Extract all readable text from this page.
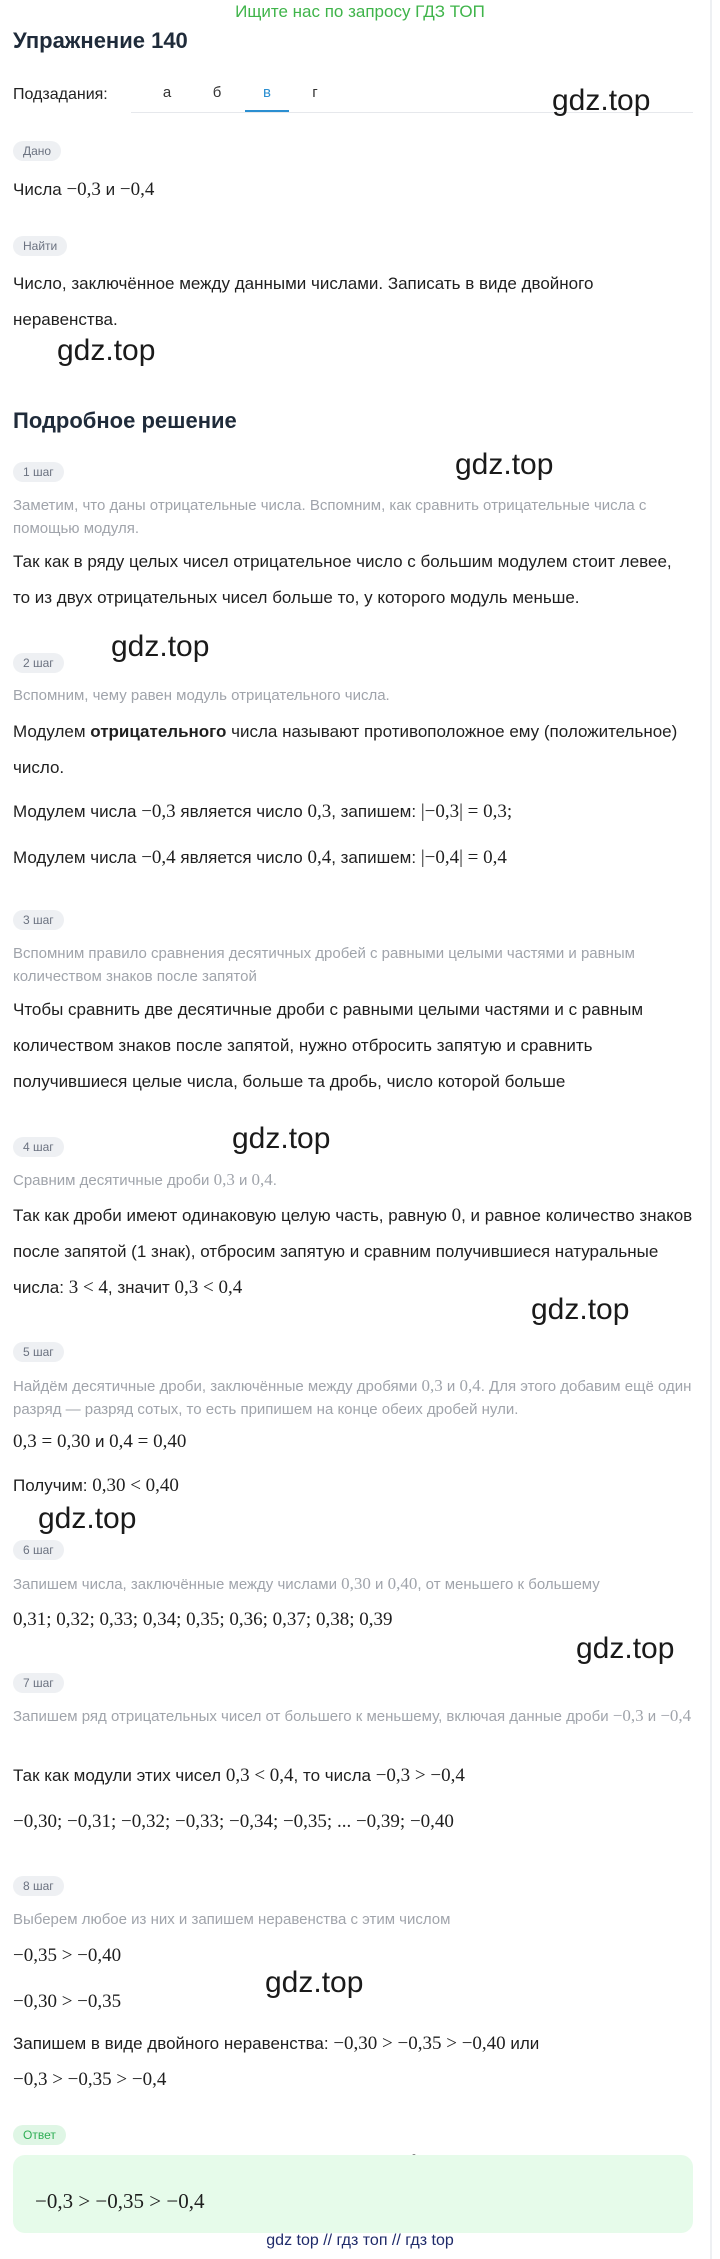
Ищите нас по запросу ГДЗ ТОП
Упражнение 140
Подзадания:	а	б	в	г	gdz.top
gdz.top
gdz.top
gdz.top
gdz.top
gdz.top
gdz.top
gdz.top
gdz.top
Дано
Числа −0,3 и −0,4
Найти
Число, заключённое между данными числами. Записать в виде двойного неравенства.
Подробное решение
1 шаг
Заметим, что даны отрицательные числа. Вспомним, как сравнить отрицательные числа с помощью модуля.
Так как в ряду целых чисел отрицательное число с большим модулем стоит левее, то из двух отрицательных чисел больше то, у которого модуль меньше.
2 шаг
Вспомним, чему равен модуль отрицательного числа.
Модулем отрицательного числа называют противоположное ему (положительное) число.
Модулем числа −0,3 является число 0,3, запишем: |−0,3| = 0,3;
Модулем числа −0,4 является число 0,4, запишем: |−0,4| = 0,4
3 шаг
Вспомним правило сравнения десятичных дробей с равными целыми частями и равным количеством знаков после запятой
Чтобы сравнить две десятичные дроби с равными целыми частями и с равным количеством знаков после запятой, нужно отбросить запятую и сравнить получившиеся целые числа, больше та дробь, число которой больше
4 шаг
Сравним десятичные дроби 0,3 и 0,4.
Так как дроби имеют одинаковую целую часть, равную 0, и равное количество знаков после запятой (1 знак), отбросим запятую и сравним получившиеся натуральные числа: 3 < 4, значит 0,3 < 0,4
5 шаг
Найдём десятичные дроби, заключённые между дробями 0,3 и 0,4. Для этого добавим ещё один разряд — разряд сотых, то есть припишем на конце обеих дробей нули.
0,3 = 0,30 и 0,4 = 0,40
Получим: 0,30 < 0,40
6 шаг
Запишем числа, заключённые между числами 0,30 и 0,40, от меньшего к большему
0,31; 0,32; 0,33; 0,34; 0,35; 0,36; 0,37; 0,38; 0,39
7 шаг
Запишем ряд отрицательных чисел от большего к меньшему, включая данные дроби −0,3 и −0,4
Так как модули этих чисел 0,3 < 0,4, то числа −0,3 > −0,4
−0,30; −0,31; −0,32; −0,33; −0,34; −0,35; ... −0,39; −0,40
8 шаг
Выберем любое из них и запишем неравенства с этим числом
−0,35 > −0,40
−0,30 > −0,35
Запишем в виде двойного неравенства: −0,30 > −0,35 > −0,40 или
−0,3 > −0,35 > −0,4
Ответ
−0,3 > −0,35 > −0,4
gdz top // гдз топ // гдз top
